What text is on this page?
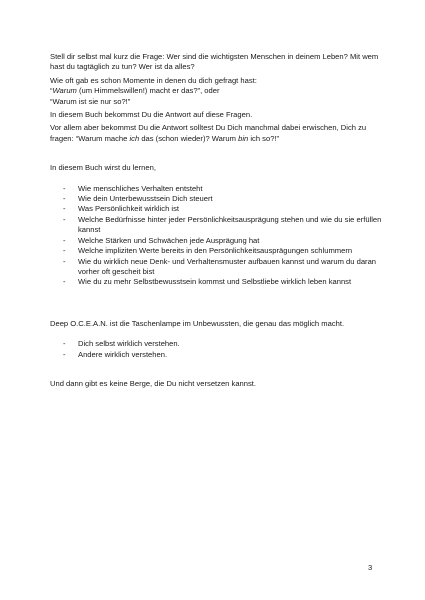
Stell dir selbst mal kurz die Frage: Wer sind die wichtigsten Menschen in deinem Leben? Mit wem hast du tagtäglich zu tun? Wer ist da alles?

Wie oft gab es schon Momente in denen du dich gefragt hast:

“Warum (um Himmelswillen!) macht er das?”, oder

“Warum ist sie nur so?!”

In diesem Buch bekommst Du die Antwort auf diese Fragen.

Vor allem aber bekommst Du die Antwort solltest Du Dich manchmal dabei erwischen, Dich zu fragen: “Warum mache ich das (schon wieder)? Warum bin ich so?!”

In diesem Buch wirst du lernen,

- Wie menschliches Verhalten entsteht
- Wie dein Unterbewusstsein Dich steuert
- Was Persönlichkeit wirklich ist
- Welche Bedürfnisse hinter jeder Persönlichkeitsausprägung stehen und wie du sie erfüllen kannst
- Welche Stärken und Schwächen jede Ausprägung hat
- Welche impliziten Werte bereits in den Persönlichkeitsausprägungen schlummern
- Wie du wirklich neue Denk- und Verhaltensmuster aufbauen kannst und warum du daran vorher oft gescheit bist
- Wie du zu mehr Selbstbewusstsein kommst und Selbstliebe wirklich leben kannst

Deep O.C.E.A.N. ist die Taschenlampe im Unbewussten, die genau das möglich macht.

- Dich selbst wirklich verstehen.
- Andere wirklich verstehen.

Und dann gibt es keine Berge, die Du nicht versetzen kannst.

3
